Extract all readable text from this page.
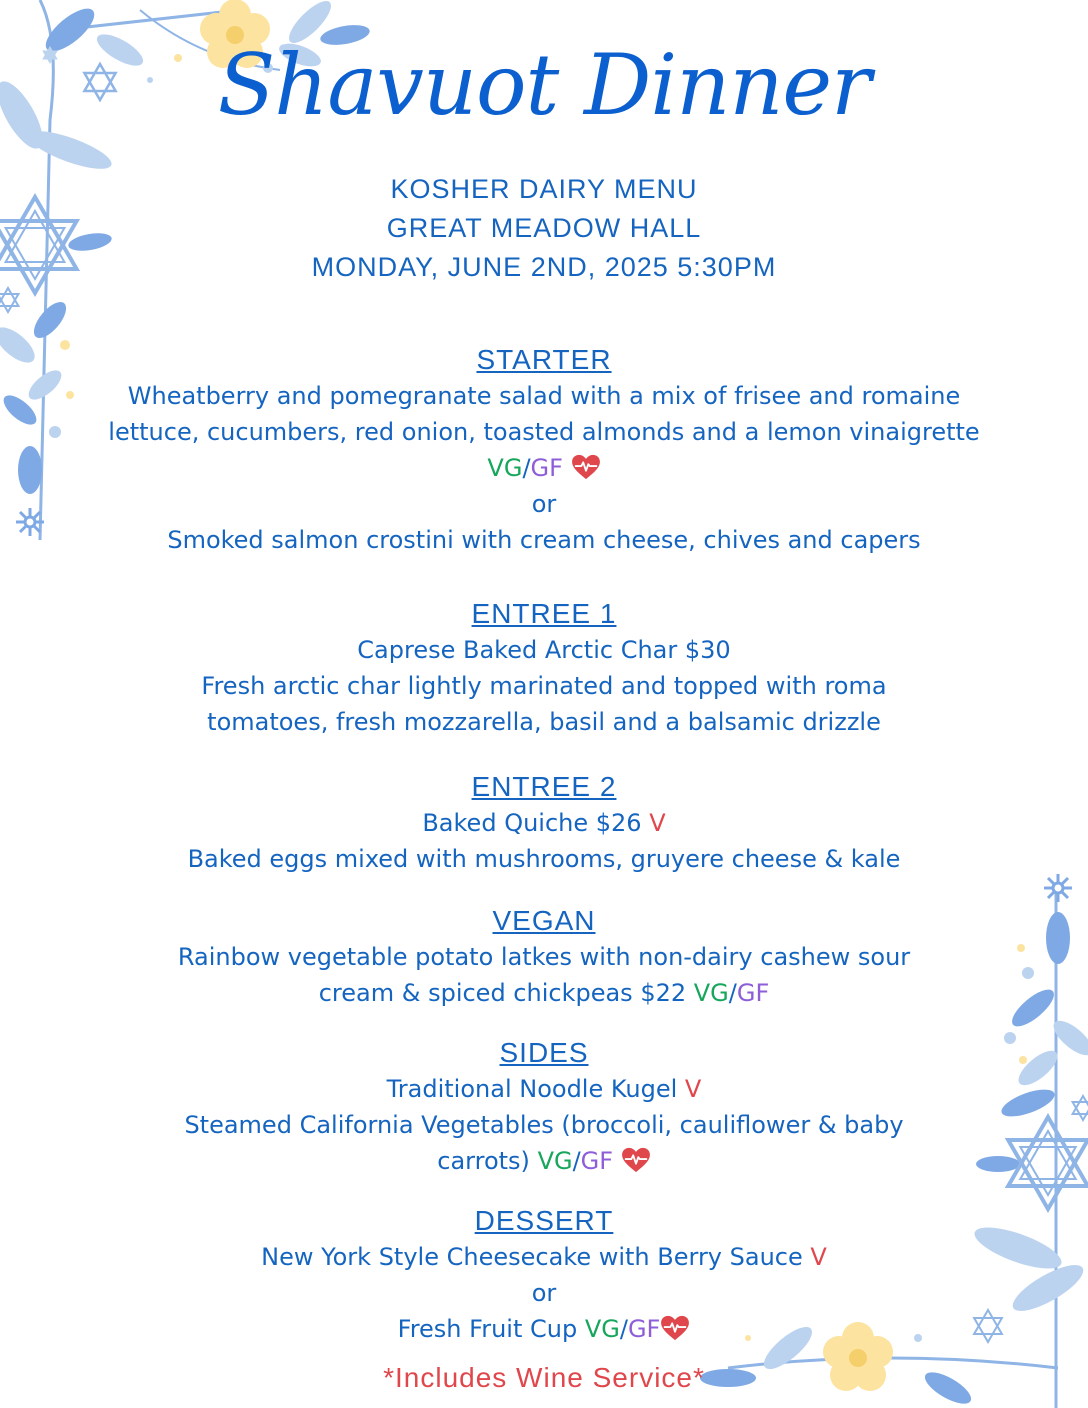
Shavuot Dinner
KOSHER DAIRY MENU
GREAT MEADOW HALL
MONDAY, JUNE 2ND, 2025 5:30PM
STARTER
Wheatberry and pomegranate salad with a mix of frisee and romaine
lettuce, cucumbers, red onion, toasted almonds and a lemon vinaigrette
VG/GF
or
Smoked salmon crostini with cream cheese, chives and capers
ENTREE 1
Caprese Baked Arctic Char $30
Fresh arctic char lightly marinated and topped with roma
tomatoes, fresh mozzarella, basil and a balsamic drizzle
ENTREE 2
Baked Quiche $26 V
Baked eggs mixed with mushrooms, gruyere cheese & kale
VEGAN
Rainbow vegetable potato latkes with non-dairy cashew sour
cream & spiced chickpeas $22 VG/GF
SIDES
Traditional Noodle Kugel V
Steamed California Vegetables (broccoli, cauliflower & baby
carrots) VG/GF
DESSERT
New York Style Cheesecake with Berry Sauce V
or
Fresh Fruit Cup VG/GF
*Includes Wine Service*
